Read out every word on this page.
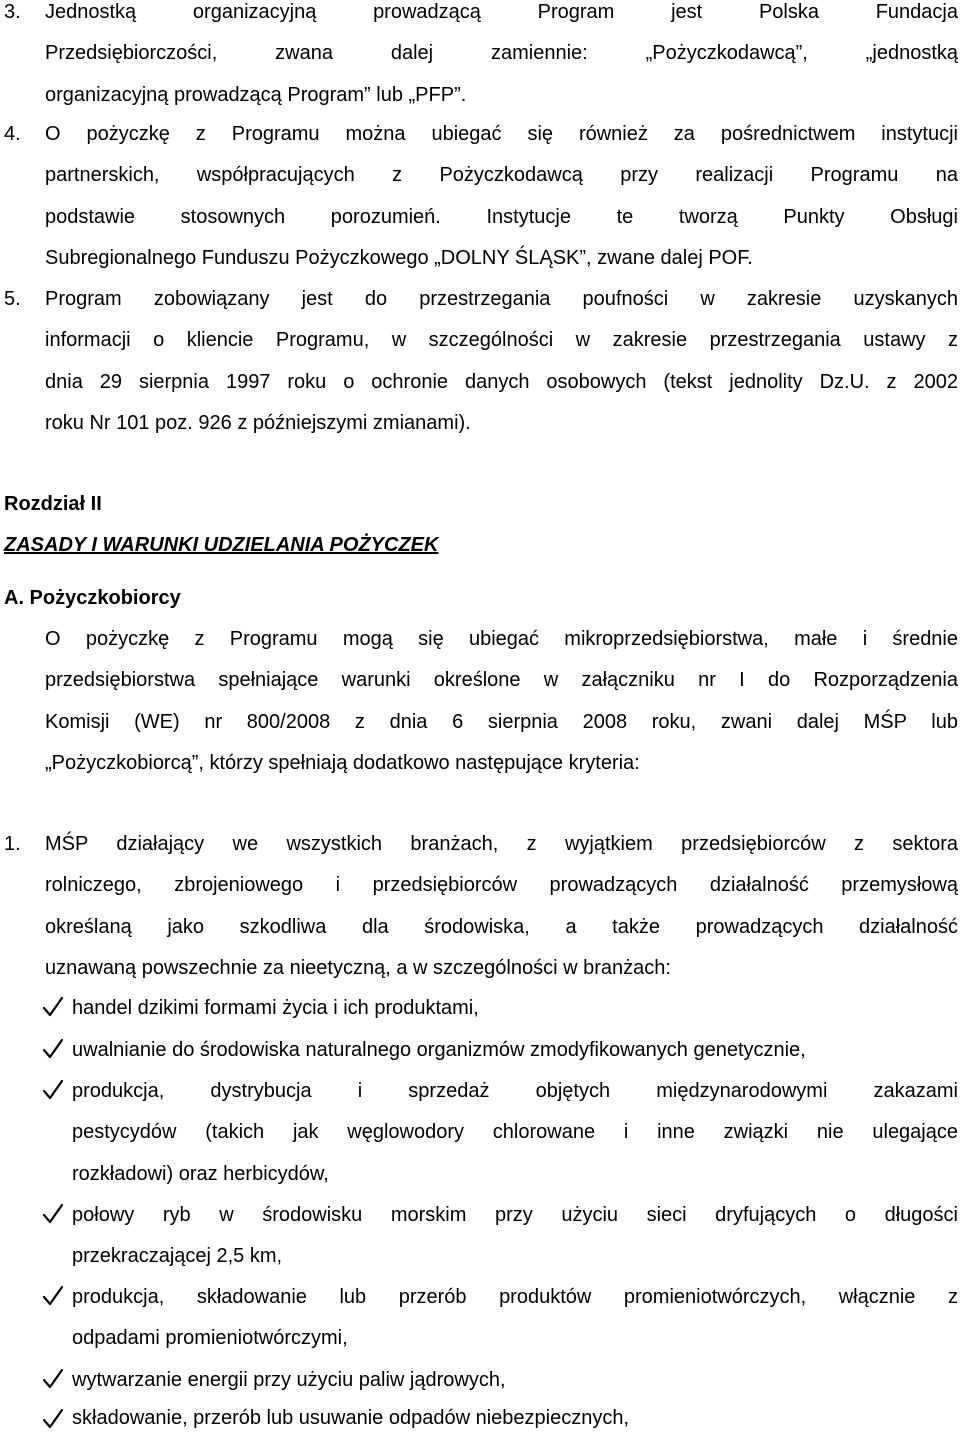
3. Jednostką organizacyjną prowadzącą Program jest Polska Fundacja
Przedsiębiorczości, zwana dalej zamiennie: „Pożyczkodawcą”, „jednostką
organizacyjną prowadzącą Program” lub „PFP”.
4. O pożyczkę z Programu można ubiegać się również za pośrednictwem instytucji
partnerskich, współpracujących z Pożyczkodawcą przy realizacji Programu na
podstawie stosownych porozumień. Instytucje te tworzą Punkty Obsługi
Subregionalnego Funduszu Pożyczkowego „DOLNY ŚLĄSK”, zwane dalej POF.
5. Program zobowiązany jest do przestrzegania poufności w zakresie uzyskanych
informacji o kliencie Programu, w szczególności w zakresie przestrzegania ustawy z
dnia 29 sierpnia 1997 roku o ochronie danych osobowych (tekst jednolity Dz.U. z 2002
roku Nr 101 poz. 926 z późniejszymi zmianami).
Rozdział II
ZASADY I WARUNKI UDZIELANIA POŻYCZEK
A. Pożyczkobiorcy
O pożyczkę z Programu mogą się ubiegać mikroprzedsiębiorstwa, małe i średnie
przedsiębiorstwa spełniające warunki określone w załączniku nr I do Rozporządzenia
Komisji (WE) nr 800/2008 z dnia 6 sierpnia 2008 roku, zwani dalej MŚP lub
„Pożyczkobiorcą”, którzy spełniają dodatkowo następujące kryteria:
1. MŚP działający we wszystkich branżach, z wyjątkiem przedsiębiorców z sektora
rolniczego, zbrojeniowego i przedsiębiorców prowadzących działalność przemysłową
określaną jako szkodliwa dla środowiska, a także prowadzących działalność
uznawaną powszechnie za nieetyczną, a w szczególności w branżach:
handel dzikimi formami życia i ich produktami,
uwalnianie do środowiska naturalnego organizmów zmodyfikowanych genetycznie,
produkcja, dystrybucja i sprzedaż objętych międzynarodowymi zakazami
pestycydów (takich jak węglowodory chlorowane i inne związki nie ulegające
rozkładowi) oraz herbicydów,
połowy ryb w środowisku morskim przy użyciu sieci dryfujących o długości
przekraczającej 2,5 km,
produkcja, składowanie lub przerób produktów promieniotwórczych, włącznie z
odpadami promieniotwórczymi,
wytwarzanie energii przy użyciu paliw jądrowych,
składowanie, przerób lub usuwanie odpadów niebezpiecznych,
